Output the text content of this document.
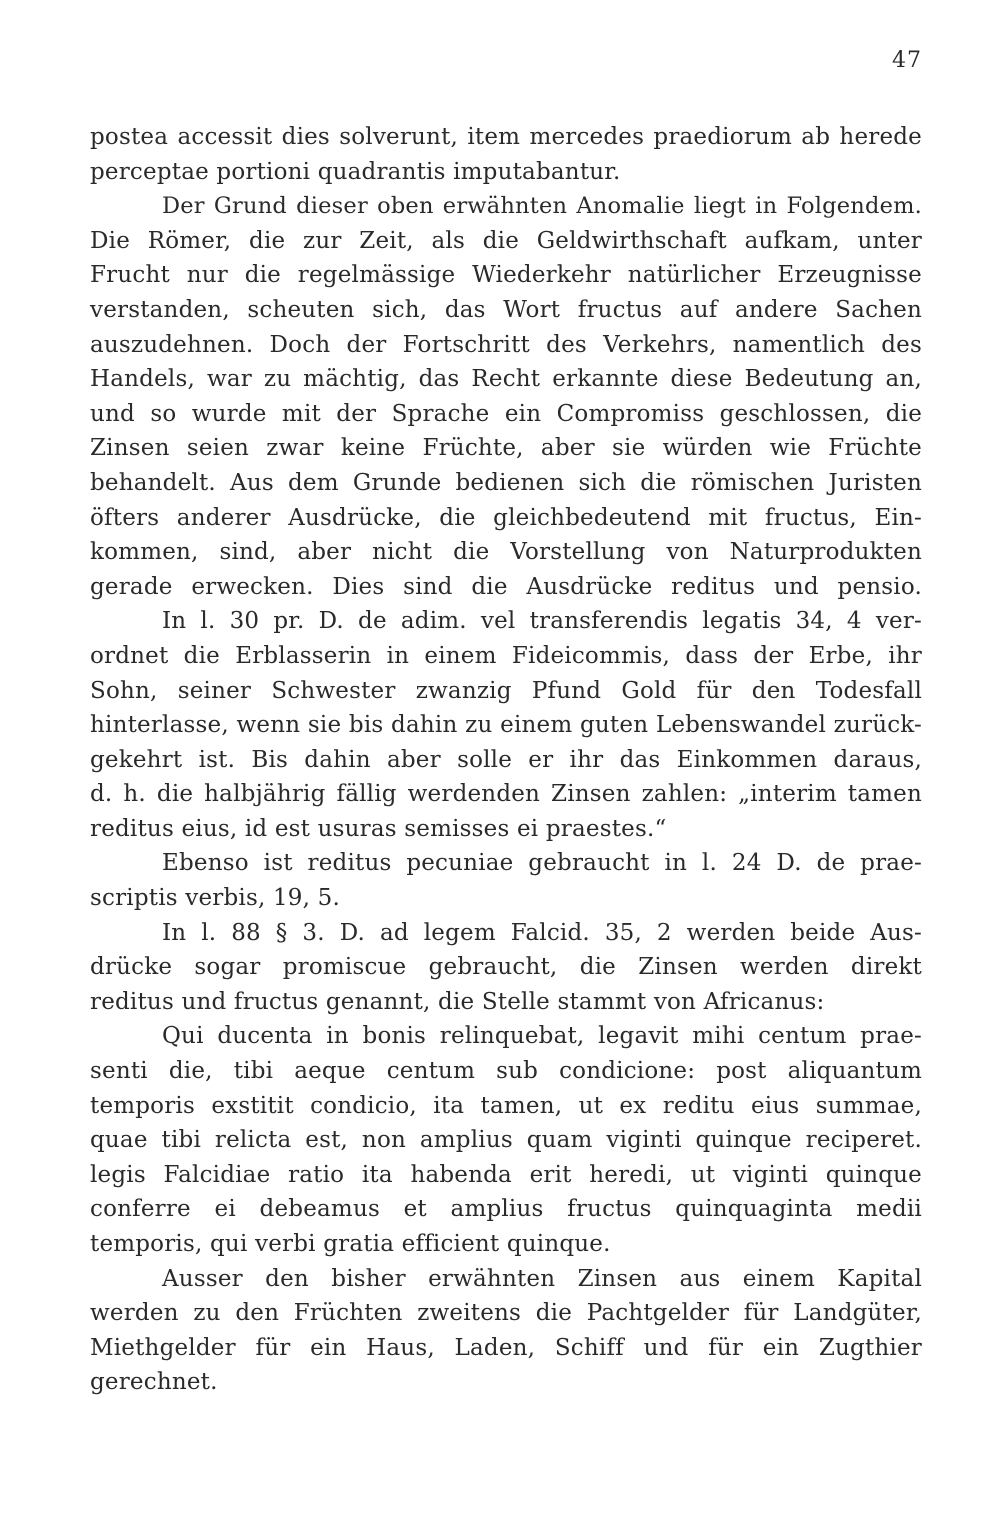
47
postea accessit dies solverunt, item mercedes praediorum ab herede
perceptae portioni quadrantis imputabantur.
Der Grund dieser oben erwähnten Anomalie liegt in Folgendem.
Die Römer, die zur Zeit, als die Geldwirthschaft aufkam, unter
Frucht nur die regelmässige Wiederkehr natürlicher Erzeugnisse
verstanden, scheuten sich, das Wort fructus auf andere Sachen
auszudehnen. Doch der Fortschritt des Verkehrs, namentlich des
Handels, war zu mächtig, das Recht erkannte diese Bedeutung an,
und so wurde mit der Sprache ein Compromiss geschlossen, die
Zinsen seien zwar keine Früchte, aber sie würden wie Früchte
behandelt. Aus dem Grunde bedienen sich die römischen Juristen
öfters anderer Ausdrücke, die gleichbedeutend mit fructus, Ein-
kommen, sind, aber nicht die Vorstellung von Naturprodukten
gerade erwecken. Dies sind die Ausdrücke reditus und pensio.
In l. 30 pr. D. de adim. vel transferendis legatis 34, 4 ver-
ordnet die Erblasserin in einem Fideicommis, dass der Erbe, ihr
Sohn, seiner Schwester zwanzig Pfund Gold für den Todesfall
hinterlasse, wenn sie bis dahin zu einem guten Lebenswandel zurück-
gekehrt ist. Bis dahin aber solle er ihr das Einkommen daraus,
d. h. die halbjährig fällig werdenden Zinsen zahlen: „interim tamen
reditus eius, id est usuras semisses ei praestes.“
Ebenso ist reditus pecuniae gebraucht in l. 24 D. de prae-
scriptis verbis, 19, 5.
In l. 88 § 3. D. ad legem Falcid. 35, 2 werden beide Aus-
drücke sogar promiscue gebraucht, die Zinsen werden direkt
reditus und fructus genannt, die Stelle stammt von Africanus:
Qui ducenta in bonis relinquebat, legavit mihi centum prae-
senti die, tibi aeque centum sub condicione: post aliquantum
temporis exstitit condicio, ita tamen, ut ex reditu eius summae,
quae tibi relicta est, non amplius quam viginti quinque reciperet.
legis Falcidiae ratio ita habenda erit heredi, ut viginti quinque
conferre ei debeamus et amplius fructus quinquaginta medii
temporis, qui verbi gratia efficient quinque.
Ausser den bisher erwähnten Zinsen aus einem Kapital
werden zu den Früchten zweitens die Pachtgelder für Landgüter,
Miethgelder für ein Haus, Laden, Schiff und für ein Zugthier
gerechnet.
